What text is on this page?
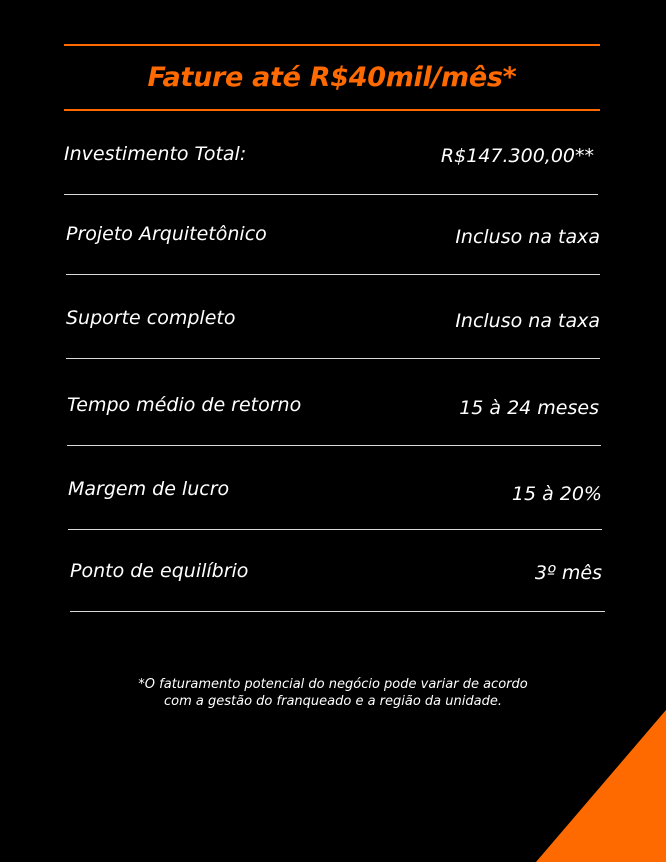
Fature até R$40mil/mês*
Investimento Total:	R$147.300,00**
Projeto Arquitetônico	Incluso na taxa
Suporte completo	Incluso na taxa
Tempo médio de retorno	15 à 24 meses
Margem de lucro	15 à 20%
Ponto de equilíbrio	3º mês
*O faturamento potencial do negócio pode variar de acordo
com a gestão do franqueado e a região da unidade.
